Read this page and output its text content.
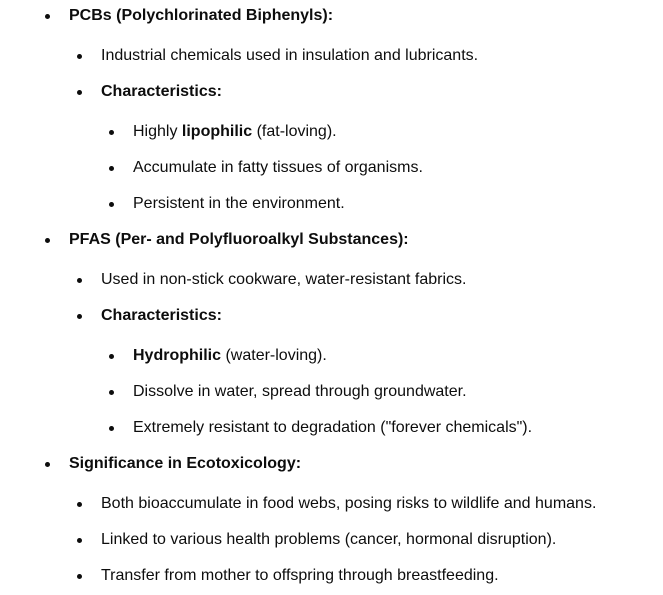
PCBs (Polychlorinated Biphenyls):
Industrial chemicals used in insulation and lubricants.
Characteristics:
Highly lipophilic (fat-loving).
Accumulate in fatty tissues of organisms.
Persistent in the environment.
PFAS (Per- and Polyfluoroalkyl Substances):
Used in non-stick cookware, water-resistant fabrics.
Characteristics:
Hydrophilic (water-loving).
Dissolve in water, spread through groundwater.
Extremely resistant to degradation ("forever chemicals").
Significance in Ecotoxicology:
Both bioaccumulate in food webs, posing risks to wildlife and humans.
Linked to various health problems (cancer, hormonal disruption).
Transfer from mother to offspring through breastfeeding.
